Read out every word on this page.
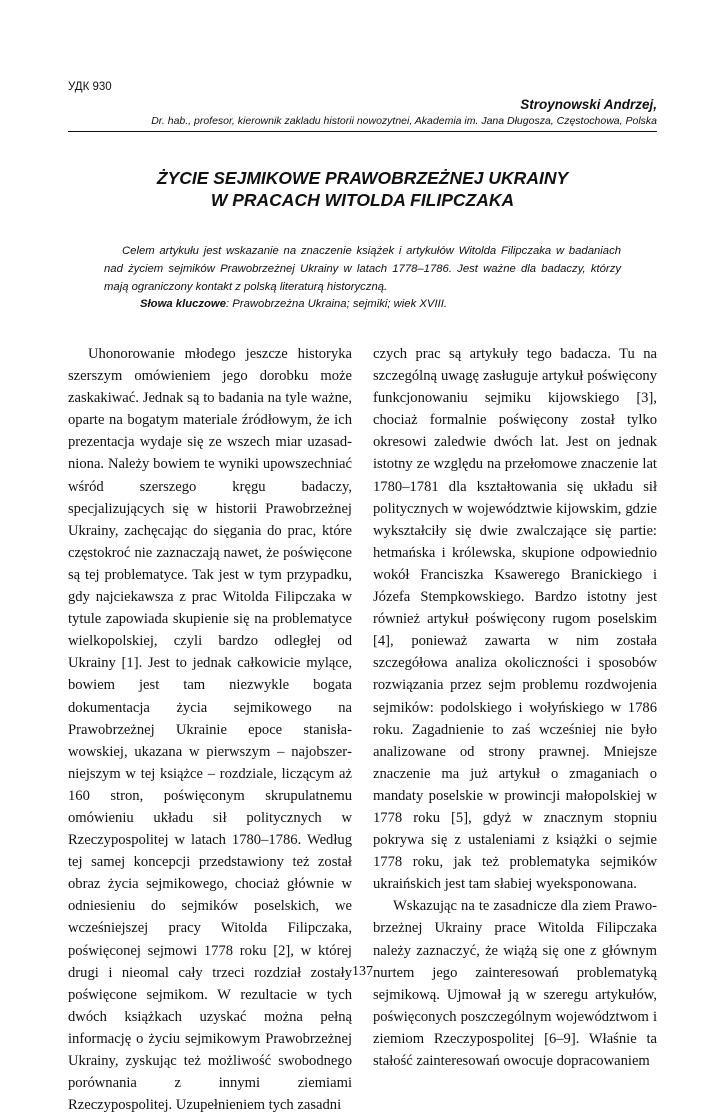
УДК 930
Stroynowski Andrzej,
Dr. hab., profesor, kierownik zakladu historii nowozytnei, Akademia im. Jana Długosza, Częstochowa, Polska
ŻYCIE SEJMIKOWE PRAWOBRZEŻNEJ UKRAINY
W PRACACH WITOLDA FILIPCZAKA

Celem artykułu jest wskazanie na znaczenie książek i artykułów Witolda Filipczaka w badaniach nad życiem sejmików Prawobrzeżnej Ukrainy w latach 1778–1786. Jest ważne dla badaczy, którzy mają ograniczony kontakt z polską literaturą historyczną.

Słowa kluczowe: Prawobrzeżna Ukraina; sejmiki; wiek XVIII.

Uhonorowanie młodego jeszcze historyka szerszym omówieniem jego dorobku może zaskakiwać. Jednak są to badania na tyle ważne, oparte na bogatym materiale źródłowym, że ich prezentacja wydaje się ze wszech miar uzasadniona. Należy bowiem te wyniki upowszechniać wśród szerszego kręgu badaczy, specjalizujących się w historii Prawobrzeżnej Ukrainy, zachęcając do sięgania do prac, które częstokroć nie zaznaczają nawet, że poświęcone są tej problematyce. Tak jest w tym przypadku, gdy najciekawsza z prac Witolda Filipczaka w tytule zapowiada skupienie się na problematyce wielkopolskiej, czyli bardzo odległej od Ukrainy [1]. Jest to jednak całkowicie mylące, bowiem jest tam niezwykle bogata dokumentacja życia sejmikowego na Prawobrzeżnej Ukrainie epoce stanisławowskiej, ukazana w pierwszym – najobszerniejszym w tej książce – rozdziale, liczącym aż 160 stron, poświęconym skrupulatnemu omówieniu układu sił politycznych w Rzeczypospolitej w latach 1780–1786. Według tej samej koncepcji przedstawiony też został obraz życia sejmikowego, chociaż głównie w odniesieniu do sejmików poselskich, we wcześniejszej pracy Witolda Filipczaka, poświęconej sejmowi 1778 roku [2], w której drugi i nieomal cały trzeci rozdział zostały poświęcone sejmikom. W rezultacie w tych dwóch książkach uzyskać można pełną informację o życiu sejmikowym Prawobrzeżnej Ukrainy, zyskując też możliwość swobodnego porównania z innymi ziemiami Rzeczypospolitej. Uzupełnieniem tych zasadni

czych prac są artykuły tego badacza. Tu na szczególną uwagę zasługuje artykuł poświęcony funkcjonowaniu sejmiku kijowskiego [3], chociaż formalnie poświęcony został tylko okresowi zaledwie dwóch lat. Jest on jednak istotny ze względu na przełomowe znaczenie lat 1780–1781 dla kształtowania się układu sił politycznych w województwie kijowskim, gdzie wykształciły się dwie zwalczające się partie: hetmańska i królewska, skupione odpowiednio wokół Franciszka Ksawerego Branickiego i Józefa Stempkowskiego. Bardzo istotny jest również artykuł poświęcony rugom poselskim [4], ponieważ zawarta w nim została szczegółowa analiza okoliczności i sposobów rozwiązania przez sejm problemu rozdwojenia sejmików: podolskiego i wołyńskiego w 1786 roku. Zagadnienie to zaś wcześniej nie było analizowane od strony prawnej. Mniejsze znaczenie ma już artykuł o zmaganiach o mandaty poselskie w prowincji małopolskiej w 1778 roku [5], gdyż w znacznym stopniu pokrywa się z ustaleniami z książki o sejmie 1778 roku, jak też problematyka sejmików ukraińskich jest tam słabiej wyeksponowana.

Wskazując na te zasadnicze dla ziem Prawobrzeżnej Ukrainy prace Witolda Filipczaka należy zaznaczyć, że wiążą się one z głównym nurtem jego zainteresowań problematyką sejmikową. Ujmował ją w szeregu artykułów, poświęconych poszczególnym województwom i ziemiom Rzeczypospolitej [6–9]. Właśnie ta stałość zainteresowań owocuje dopracowaniem

137
